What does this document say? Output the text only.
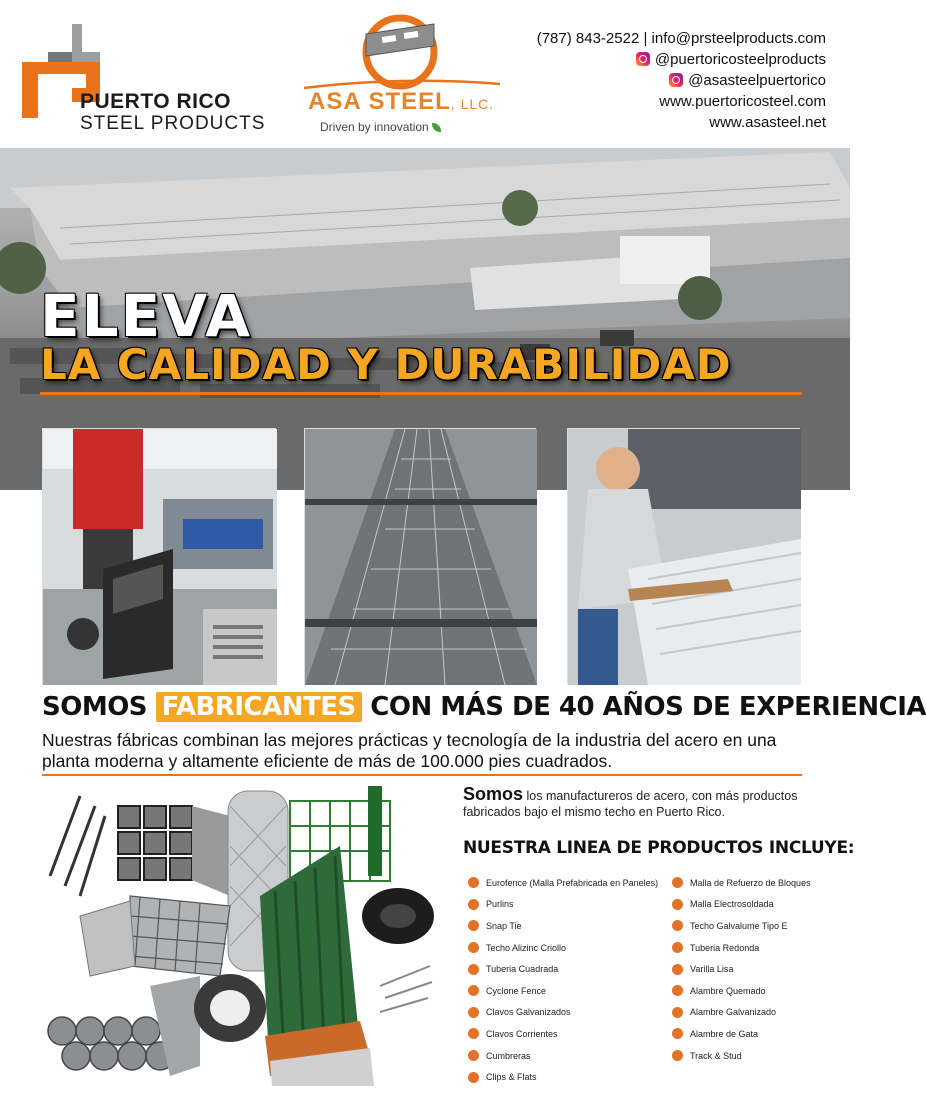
PUERTO RICO
STEEL PRODUCTS
ASA STEEL, LLC.
Driven by innovation
(787) 843-2522 | info@prsteelproducts.com
@puertoricosteelproducts
@asasteelpuertorico
www.puertoricosteel.com
www.asasteel.net
ELEVA
LA CALIDAD Y DURABILIDAD
SOMOS FABRICANTES CON MÁS DE 40 AÑOS DE EXPERIENCIA
Nuestras fábricas combinan las mejores prácticas y tecnología de la industria del acero en una planta moderna y altamente eficiente de más de 100.000 pies cuadrados.
Somos los manufactureros de acero, con más productos fabricados bajo el mismo techo en Puerto Rico.
NUESTRA LINEA DE PRODUCTOS INCLUYE:
Eurofence (Malla Prefabricada en Paneles)
Purlins
Snap Tie
Techo Alizinc Criollo
Tuberia Cuadrada
Cyclone Fence
Clavos Galvanizados
Clavos Corrientes
Cumbreras
Clips & Flats
Malla de Refuerzo de Bloques
Malla Electrosoldada
Techo Galvalume Tipo E
Tuberia Redonda
Varilla Lisa
Alambre Quemado
Alambre Galvanizado
Alambre de Gata
Track & Stud
